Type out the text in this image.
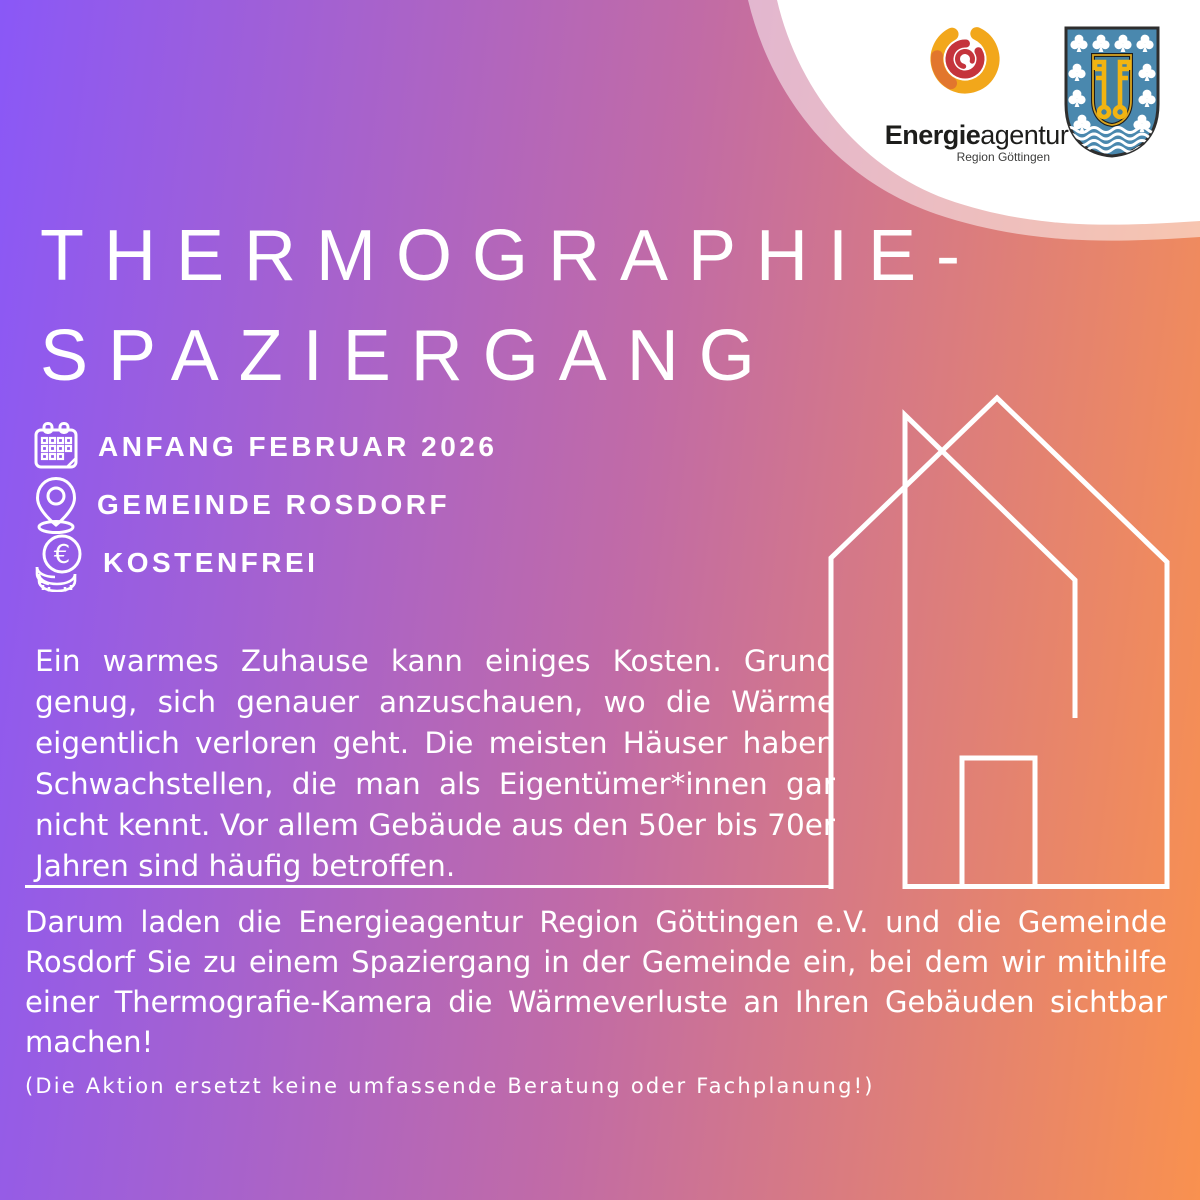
Energieagentur
Region Göttingen
THERMOGRAPHIE-
SPAZIERGANG
ANFANG FEBRUAR 2026
GEMEINDE ROSDORF
€ KOSTENFREI
Ein warmes Zuhause kann einiges Kosten. Grund genug, sich genauer anzuschauen, wo die Wärme eigentlich verloren geht. Die meisten Häuser haben Schwachstellen, die man als Eigentümer*innen gar nicht kennt. Vor allem Gebäude aus den 50er bis 70er Jahren sind häufig betroffen.
Darum laden die Energieagentur Region Göttingen e.V. und die Gemeinde Rosdorf Sie zu einem Spaziergang in der Gemeinde ein, bei dem wir mithilfe einer Thermografie-Kamera die Wärmeverluste an Ihren Gebäuden sichtbar machen!
(Die Aktion ersetzt keine umfassende Beratung oder Fachplanung!)
